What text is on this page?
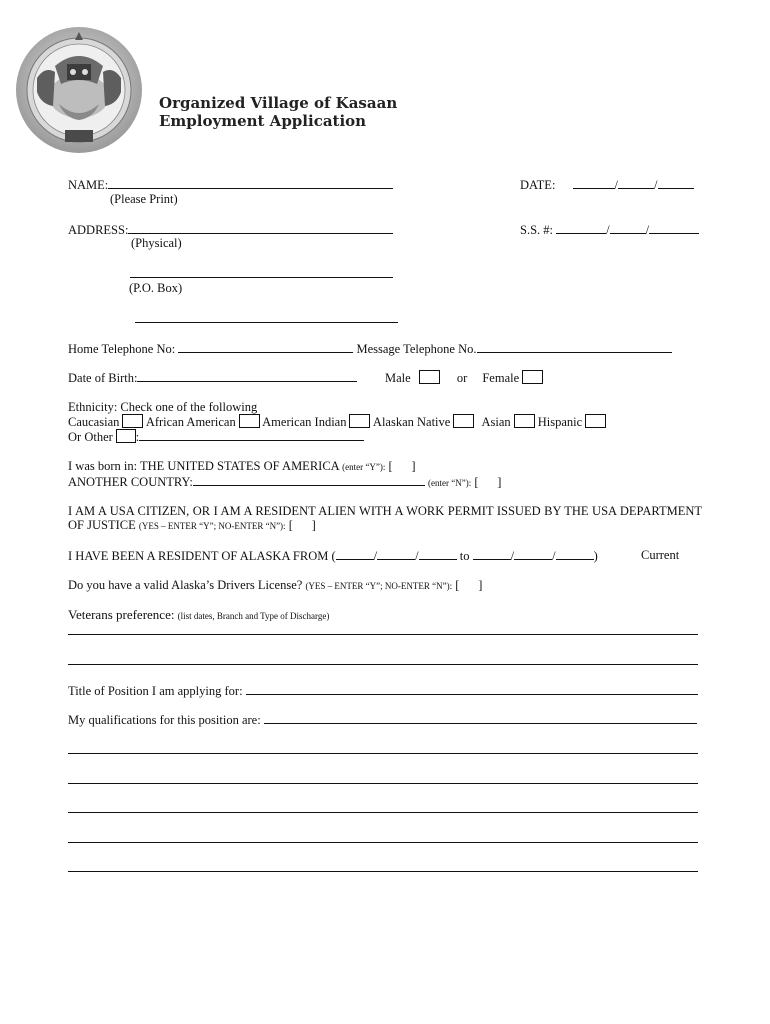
Organized Village of Kasaan
Employment Application
NAME:
(Please Print)
DATE:	/	/
ADDRESS:
(Physical)
S.S. #:	/	/
(P.O. Box)
Home Telephone No:	Message Telephone No.
Date of Birth:	Male	or Female
Ethnicity: Check one of the following
Caucasian African American American Indian Alaskan Native Asian Hispanic
Or Other :
I was born in: THE UNITED STATES OF AMERICA (enter “Y”): [      ]
ANOTHER COUNTRY:	(enter “N”): [      ]
I AM A USA CITIZEN, OR I AM A RESIDENT ALIEN WITH A WORK PERMIT ISSUED BY THE USA DEPARTMENT OF JUSTICE (YES – ENTER “Y”; NO-ENTER “N”): [      ]
I HAVE BEEN A RESIDENT OF ALASKA FROM (	/	/	to	/	/	)	Current
Do you have a valid Alaska’s Drivers License? (YES – ENTER “Y”; NO-ENTER “N”): [      ]
Veterans preference: (list dates, Branch and Type of Discharge)
Title of Position I am applying for:
My qualifications for this position are:
